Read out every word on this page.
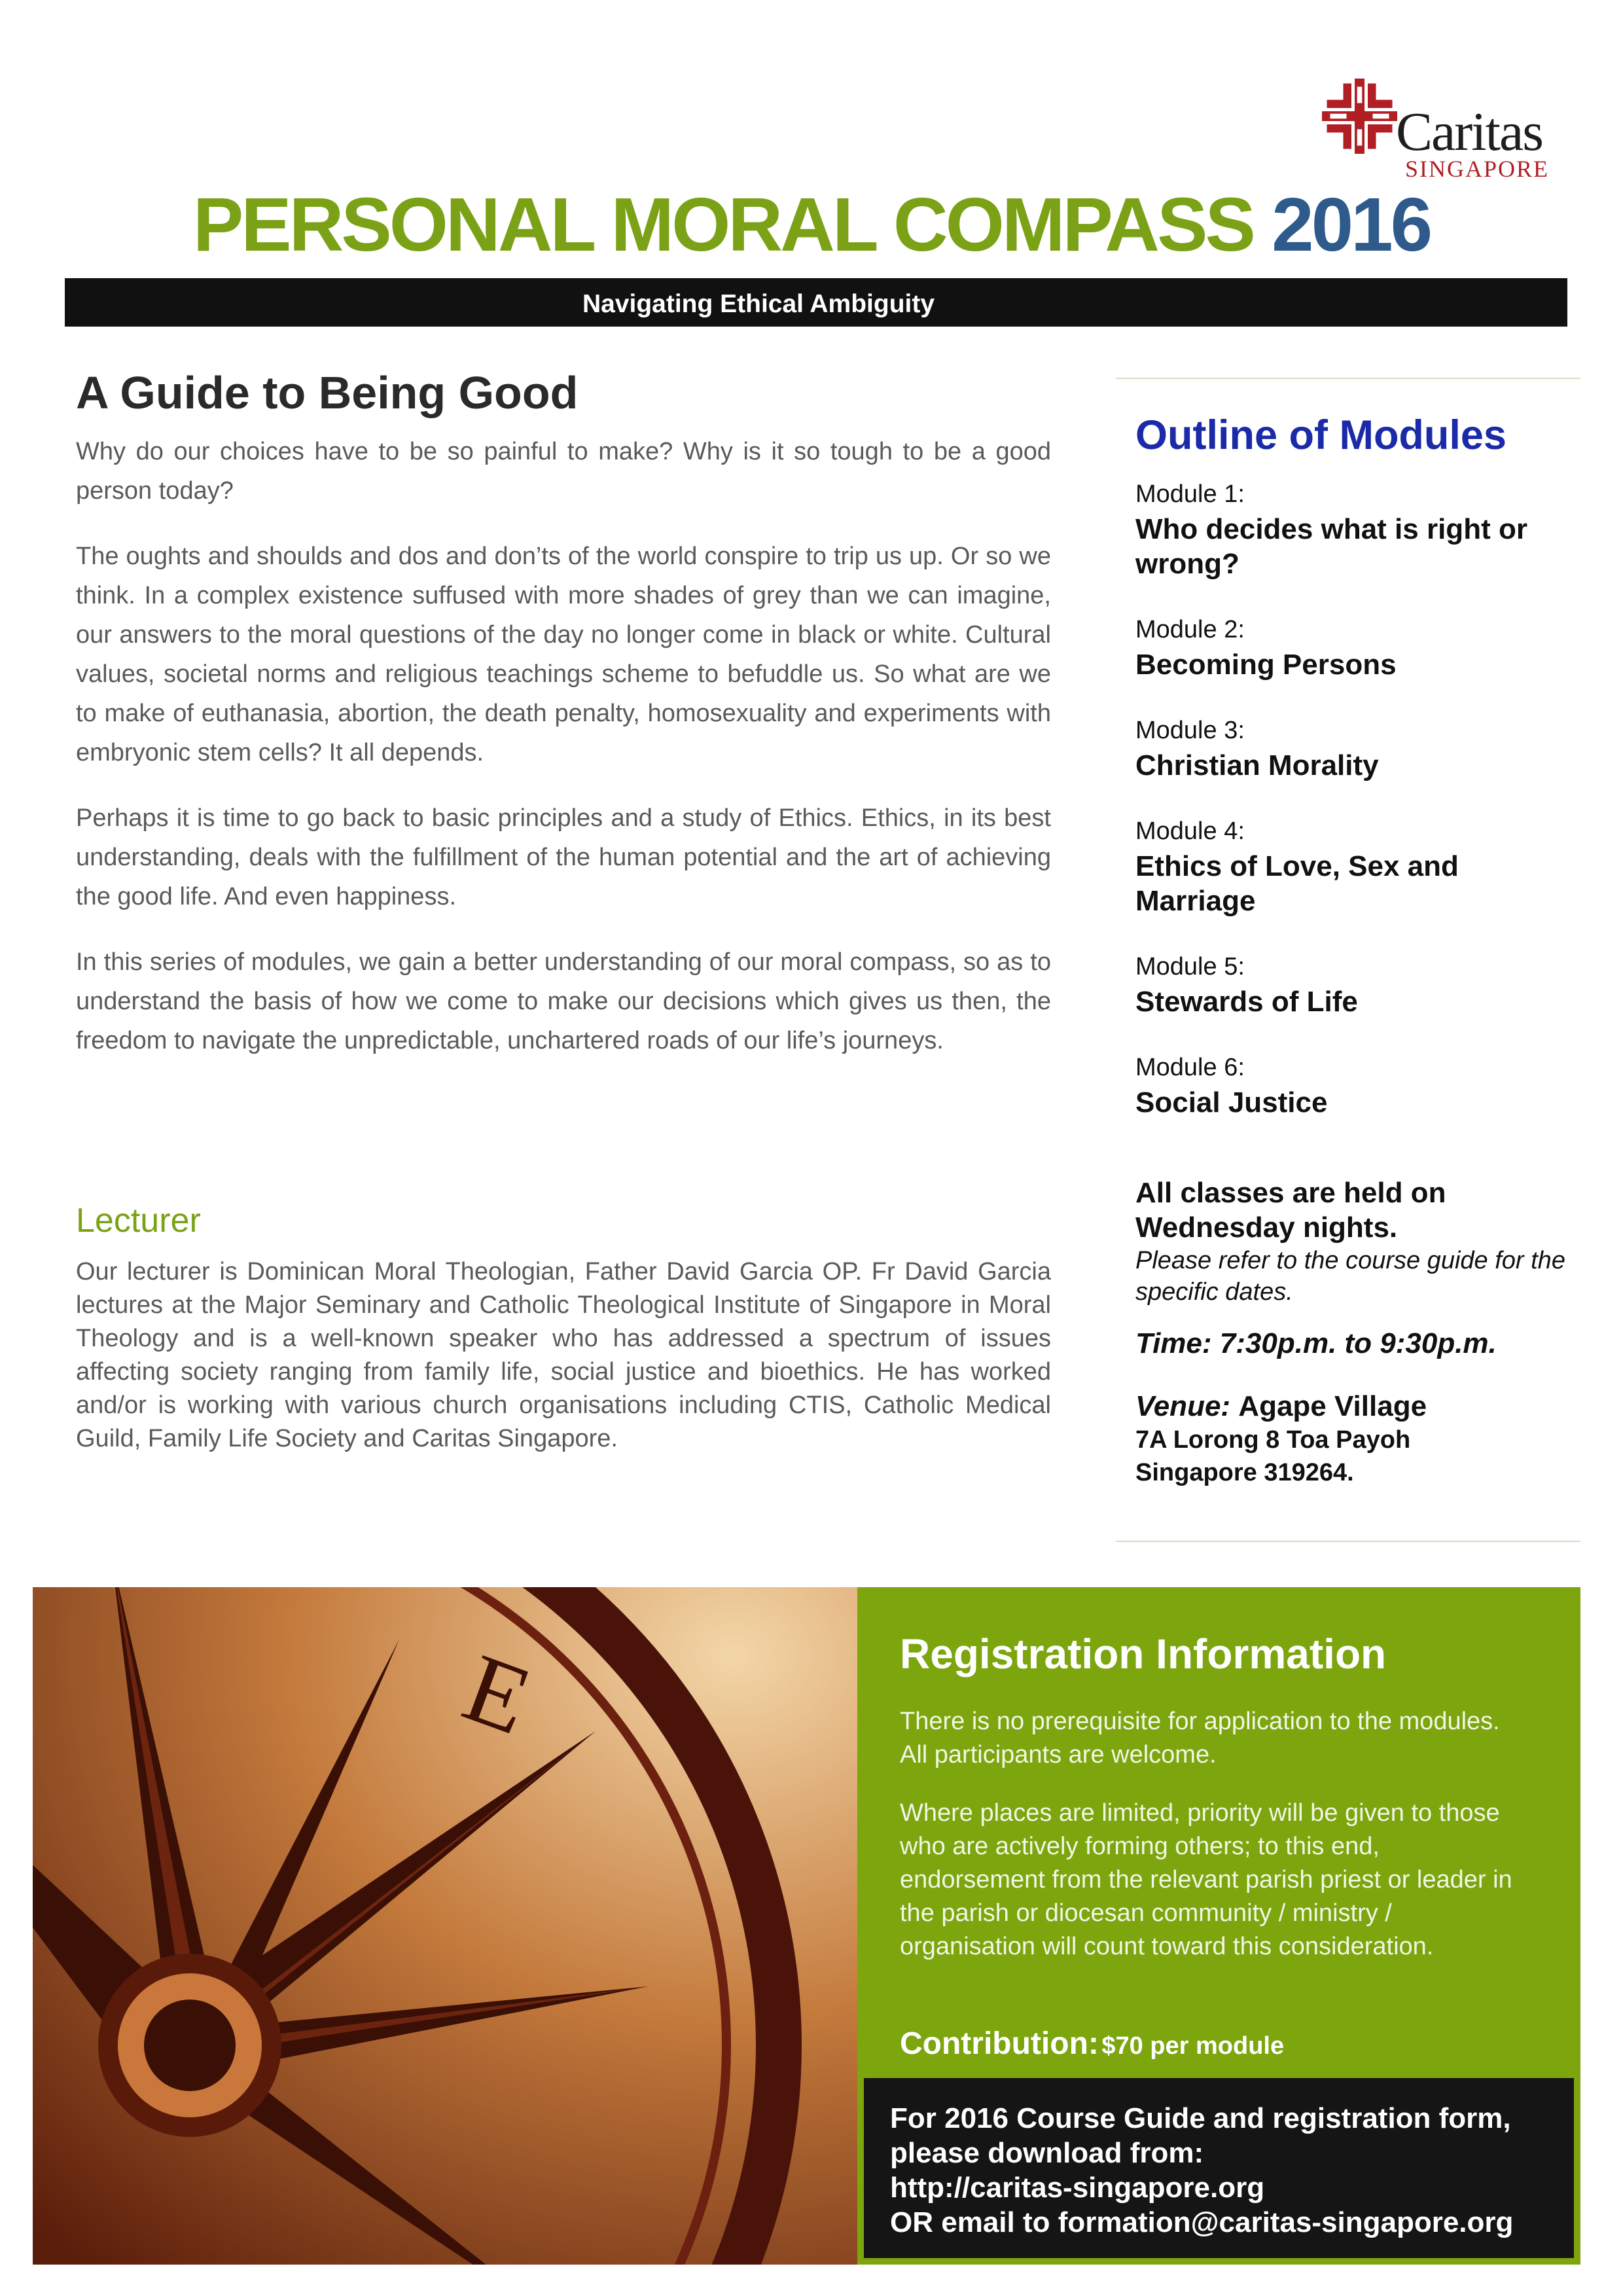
Caritas
SINGAPORE
PERSONAL MORAL COMPASS 2016
Navigating Ethical Ambiguity
A Guide to Being Good

Why do our choices have to be so painful to make? Why is it so tough to be a good person today?

The oughts and shoulds and dos and don’ts of the world conspire to trip us up. Or so we think. In a complex existence suffused with more shades of grey than we can imagine, our answers to the moral questions of the day no longer come in black or white. Cultural values, societal norms and religious teachings scheme to befuddle us. So what are we to make of euthanasia, abortion, the death penalty, homosexuality and experiments with embryonic stem cells? It all depends.

Perhaps it is time to go back to basic principles and a study of Ethics. Ethics, in its best understanding, deals with the fulfillment of the human potential and the art of achieving the good life. And even happiness.

In this series of modules, we gain a better understanding of our moral compass, so as to understand the basis of how we come to make our decisions which gives us then, the freedom to navigate the unpredictable, unchartered roads of our life’s journeys.

Lecturer
Our lecturer is Dominican Moral Theologian, Father David Garcia OP. Fr David Garcia lectures at the Major Seminary and Catholic Theological Institute of Singapore in Moral Theology and is a well-known speaker who has addressed a spectrum of issues affecting society ranging from family life, social justice and bioethics. He has worked and/or is working with various church organisations including CTIS, Catholic Medical Guild, Family Life Society and Caritas Singapore.
Outline of Modules
Module 1:
Who decides what is right or wrong?
Module 2:
Becoming Persons
Module 3:
Christian Morality
Module 4:
Ethics of Love, Sex and Marriage
Module 5:
Stewards of Life
Module 6:
Social Justice
All classes are held on Wednesday nights.
Please refer to the course guide for the specific dates.
Time: 7:30p.m. to 9:30p.m.
Venue: Agape Village
7A Lorong 8 Toa Payoh
Singapore 319264.
E	Registration Information
There is no prerequisite for application to the modules. All participants are welcome.
Where places are limited, priority will be given to those who are actively forming others; to this end, endorsement from the relevant parish priest or leader in the parish or diocesan community / ministry / organisation will count toward this consideration.
Contribution: $70 per module
For 2016 Course Guide and registration form,
please download from:
http://caritas-singapore.org
OR email to formation@caritas-singapore.org
